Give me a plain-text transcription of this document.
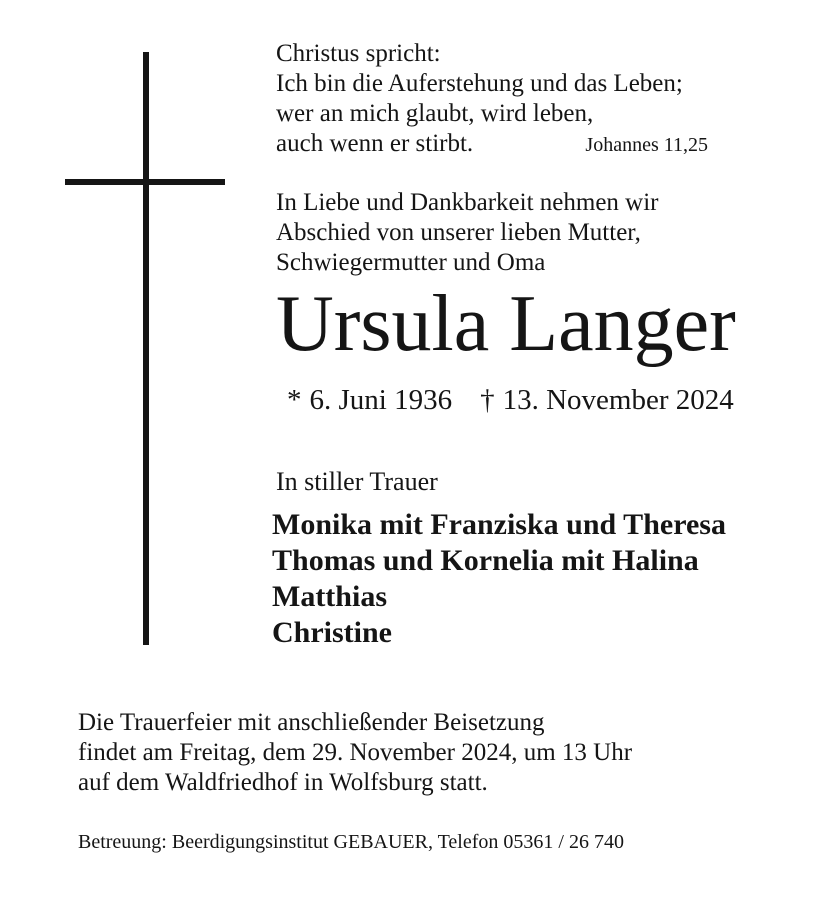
Christus spricht:
Ich bin die Auferstehung und das Leben;
wer an mich glaubt, wird leben,
auch wenn er stirbt.	Johannes 11,25
In Liebe und Dankbarkeit nehmen wir
Abschied von unserer lieben Mutter,
Schwiegermutter und Oma
Ursula Langer
* 6. Juni 1936 † 13. November 2024
In stiller Trauer
Monika mit Franziska und Theresa
Thomas und Kornelia mit Halina
Matthias
Christine
Die Trauerfeier mit anschließender Beisetzung
findet am Freitag, dem 29. November 2024, um 13 Uhr
auf dem Waldfriedhof in Wolfsburg statt.
Betreuung: Beerdigungsinstitut GEBAUER, Telefon 05361 / 26 740
